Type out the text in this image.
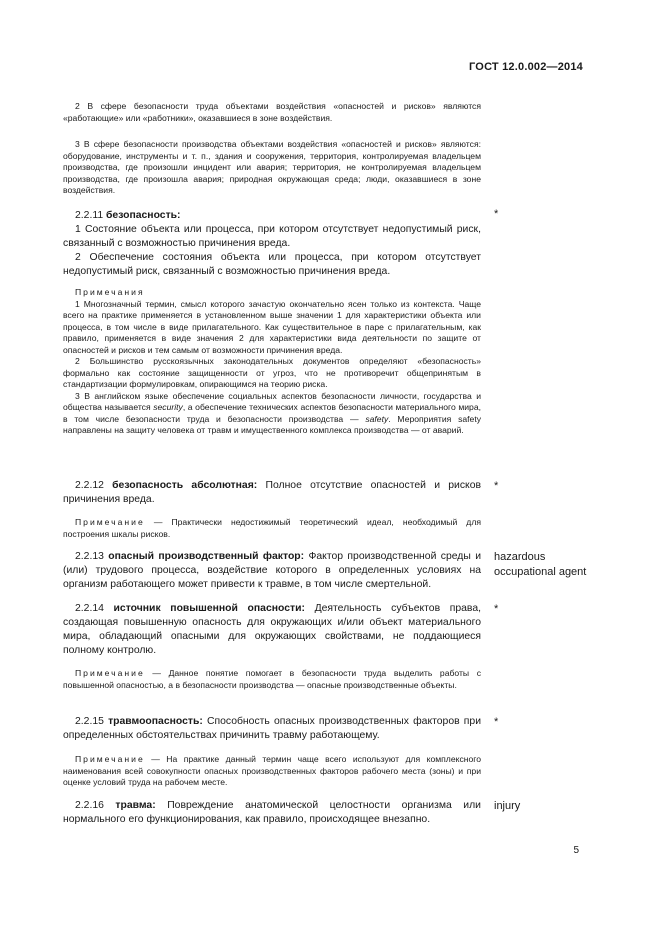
ГОСТ 12.0.002—2014

2 В сфере безопасности труда объектами воздействия «опасностей и рисков» являются «работающие» или «работники», оказавшиеся в зоне воздействия.

3 В сфере безопасности производства объектами воздействия «опасностей и рисков» являются: оборудование, инструменты и т. п., здания и сооружения, территория, контролируемая владельцем производства, где произошли инцидент или авария; территория, не контролируемая владельцем производства, где произошла авария; природная окружающая среда; люди, оказавшиеся в зоне воздействия.

2.2.11 безопасность:

1 Состояние объекта или процесса, при котором отсутствует недопустимый риск, связанный с возможностью причинения вреда.

2 Обеспечение состояния объекта или процесса, при котором отсутствует недопустимый риск, связанный с возможностью причинения вреда.

*

Примечания

1 Многозначный термин, смысл которого зачастую окончательно ясен только из контекста. Чаще всего на практике применяется в установленном выше значении 1 для характеристики объекта или процесса, в том числе в виде прилагательного. Как существительное в паре с прилагательным, как правило, применяется в виде значения 2 для характеристики вида деятельности по защите от опасностей и рисков и тем самым от возможности причинения вреда.

2 Большинство русскоязычных законодательных документов определяют «безопасность» формально как состояние защищенности от угроз, что не противоречит общепринятым в стандартизации формулировкам, опирающимся на теорию риска.

3 В английском языке обеспечение социальных аспектов безопасности личности, государства и общества называется security, а обеспечение технических аспектов безопасности материального мира, в том числе безопасности труда и безопасности производства — safety. Мероприятия safety направлены на защиту человека от травм и имущественного комплекса производства — от аварий.

2.2.12 безопасность абсолютная: Полное отсутствие опасностей и рисков причинения вреда.

*

Примечание — Практически недостижимый теоретический идеал, необходимый для построения шкалы рисков.

2.2.13 опасный производственный фактор: Фактор производственной среды и (или) трудового процесса, воздействие которого в определенных условиях на организм работающего может привести к травме, в том числе смертельной.

hazardous occupational agent

2.2.14 источник повышенной опасности: Деятельность субъектов права, создающая повышенную опасность для окружающих и/или объект материального мира, обладающий опасными для окружающих свойствами, не поддающиеся полному контролю.

*

Примечание — Данное понятие помогает в безопасности труда выделить работы с повышенной опасностью, а в безопасности производства — опасные производственные объекты.

2.2.15 травмоопасность: Способность опасных производственных факторов при определенных обстоятельствах причинить травму работающему.

*

Примечание — На практике данный термин чаще всего используют для комплексного наименования всей совокупности опасных производственных факторов рабочего места (зоны) и при оценке условий труда на рабочем месте.

2.2.16 травма: Повреждение анатомической целостности организма или нормального его функционирования, как правило, происходящее внезапно.

injury
5
